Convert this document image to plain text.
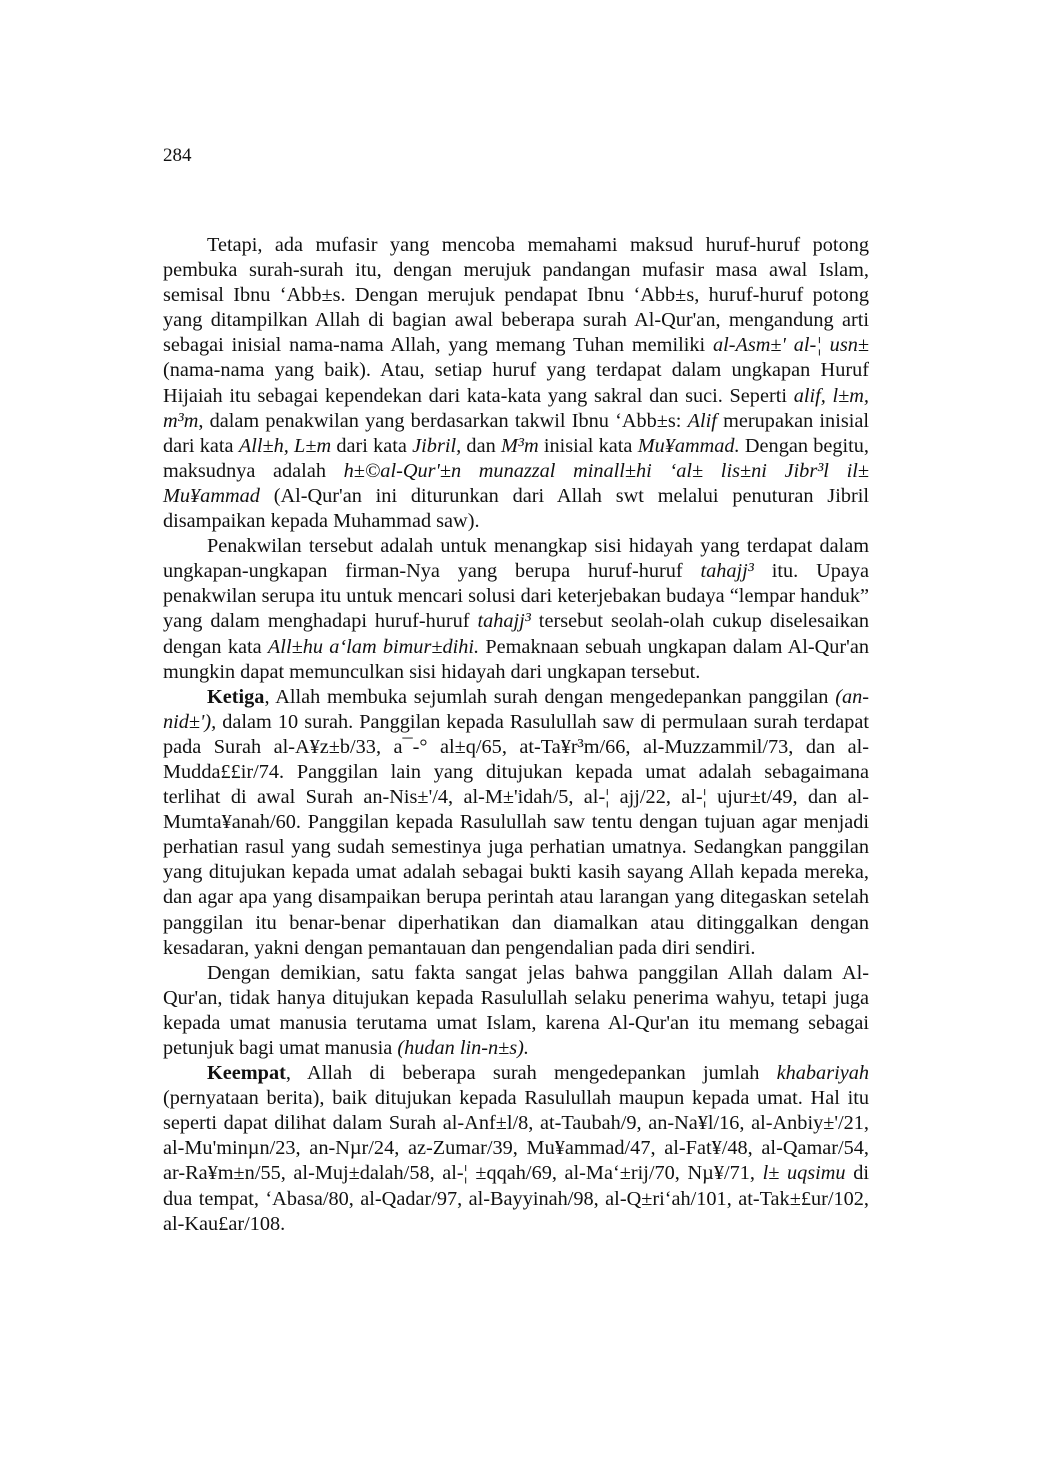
284

Tetapi, ada mufasir yang mencoba memahami maksud huruf-huruf potong pembuka surah-surah itu, dengan merujuk pandangan mufasir masa awal Islam, semisal Ibnu ‘Abb±s. Dengan merujuk pendapat Ibnu ‘Abb±s, huruf-huruf potong yang ditampilkan Allah di bagian awal beberapa surah Al-Qur'an, mengandung arti sebagai inisial nama-nama Allah, yang memang Tuhan memiliki al-Asm±' al-¦ usn± (nama-nama yang baik). Atau, setiap huruf yang terdapat dalam ungkapan Huruf Hijaiah itu sebagai kependekan dari kata-kata yang sakral dan suci. Seperti alif, l±m, m³m, dalam penakwilan yang berdasarkan takwil Ibnu ‘Abb±s: Alif merupakan inisial dari kata All±h, L±m dari kata Jibril, dan M³m inisial kata Mu¥ammad. Dengan begitu, maksudnya adalah h±©al-Qur'±n munazzal minall±hi ‘al± lis±ni Jibr³l il± Mu¥ammad (Al-Qur'an ini diturunkan dari Allah swt melalui penuturan Jibril disampaikan kepada Muhammad saw).

Penakwilan tersebut adalah untuk menangkap sisi hidayah yang terdapat dalam ungkapan-ungkapan firman-Nya yang berupa huruf-huruf tahajj³ itu. Upaya penakwilan serupa itu untuk mencari solusi dari keterjebakan budaya “lempar handuk” yang dalam menghadapi huruf-huruf tahajj³ tersebut seolah-olah cukup diselesaikan dengan kata All±hu a‘lam bimur±dihi. Pemaknaan sebuah ungkapan dalam Al-Qur'an mungkin dapat memunculkan sisi hidayah dari ungkapan tersebut.

Ketiga, Allah membuka sejumlah surah dengan mengedepankan panggilan (an-nid±'), dalam 10 surah. Panggilan kepada Rasulullah saw di permulaan surah terdapat pada Surah al-A¥z±b/33, a¯-° al±q/65, at-Ta¥r³m/66, al-Muzzammil/73, dan al-Mudda££ir/74. Panggilan lain yang ditujukan kepada umat adalah sebagaimana terlihat di awal Surah an-Nis±'/4, al-M±'idah/5, al-¦ ajj/22, al-¦ ujur±t/49, dan al-Mumta¥anah/60. Panggilan kepada Rasulullah saw tentu dengan tujuan agar menjadi perhatian rasul yang sudah semestinya juga perhatian umatnya. Sedangkan panggilan yang ditujukan kepada umat adalah sebagai bukti kasih sayang Allah kepada mereka, dan agar apa yang disampaikan berupa perintah atau larangan yang ditegaskan setelah panggilan itu benar-benar diperhatikan dan diamalkan atau ditinggalkan dengan kesadaran, yakni dengan pemantauan dan pengendalian pada diri sendiri.

Dengan demikian, satu fakta sangat jelas bahwa panggilan Allah dalam Al-Qur'an, tidak hanya ditujukan kepada Rasulullah selaku penerima wahyu, tetapi juga kepada umat manusia terutama umat Islam, karena Al-Qur'an itu memang sebagai petunjuk bagi umat manusia (hudan lin-n±s).

Keempat, Allah di beberapa surah mengedepankan jumlah khabariyah (pernyataan berita), baik ditujukan kepada Rasulullah maupun kepada umat. Hal itu seperti dapat dilihat dalam Surah al-Anf±l/8, at-Taubah/9, an-Na¥l/16, al-Anbiy±'/21, al-Mu'minµn/23, an-Nµr/24, az-Zumar/39, Mu¥ammad/47, al-Fat¥/48, al-Qamar/54, ar-Ra¥m±n/55, al-Muj±dalah/58, al-¦ ±qqah/69, al-Ma‘±rij/70, Nµ¥/71, l± uqsimu di dua tempat, ‘Abasa/80, al-Qadar/97, al-Bayyinah/98, al-Q±ri‘ah/101, at-Tak±£ur/102, al-Kau£ar/108.
